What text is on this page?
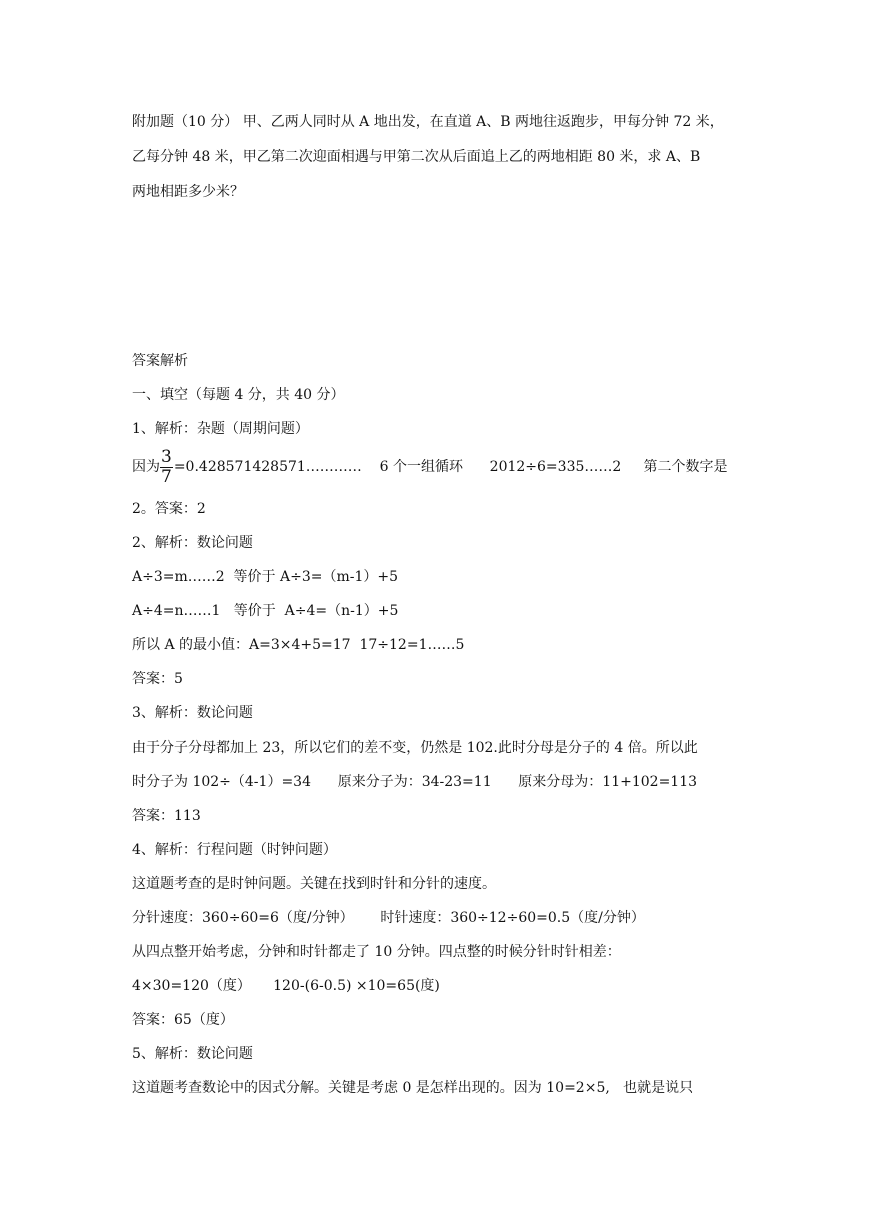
附加题（10 分） 甲、乙两人同时从 A 地出发，在直道 A、B 两地往返跑步，甲每分钟 72 米，
乙每分钟 48 米，甲乙第二次迎面相遇与甲第二次从后面追上乙的两地相距 80 米，求 A、B
两地相距多少米？
答案解析
一、填空（每题 4 分，共 40 分）
1、解析：杂题（周期问题）
因为 $\frac{3}{7}$ =0.428571428571…………    6 个一组循环      2012÷6=335……2     第二个数字是
2。答案：2
2、解析：数论问题
A÷3=m……2  等价于 A÷3=（m-1）+5
A÷4=n……1   等价于  A÷4=（n-1）+5
所以 A 的最小值：A=3×4+5=17  17÷12=1……5
答案：5
3、解析：数论问题
由于分子分母都加上 23，所以它们的差不变，仍然是 102.此时分母是分子的 4 倍。所以此
时分子为 102÷（4-1）=34      原来分子为：34-23=11      原来分母为：11+102=113
答案：113
4、解析：行程问题（时钟问题）
这道题考查的是时钟问题。关键在找到时针和分针的速度。
分针速度：360÷60=6（度/分钟）      时针速度：360÷12÷60=0.5（度/分钟）
从四点整开始考虑，分钟和时针都走了 10 分钟。四点整的时候分针时针相差：
4×30=120（度）     120-(6-0.5) ×10=65(度)
答案：65（度）
5、解析：数论问题
这道题考查数论中的因式分解。关键是考虑 0 是怎样出现的。因为 10=2×5,   也就是说只
